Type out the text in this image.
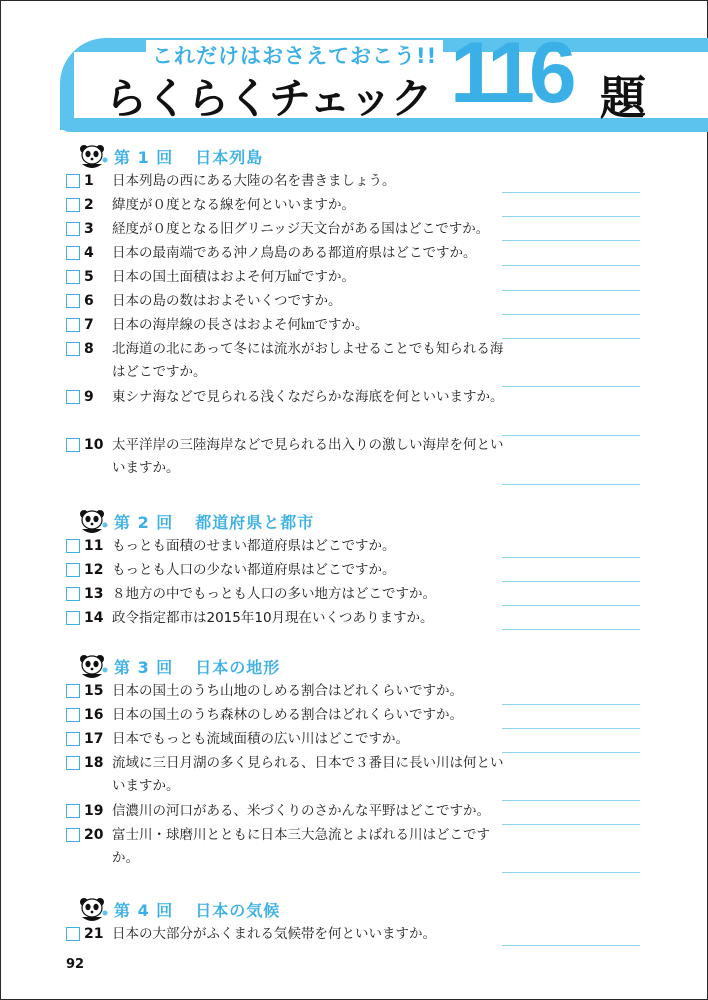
これだけはおさえておこう!!
らくらくチェック 116 題
第 1 回 日本列島
1	日本列島の西にある大陸の名を書きましょう。
2	緯度が０度となる線を何といいますか。
3	経度が０度となる旧グリニッジ天文台がある国はどこですか。
4	日本の最南端である沖ノ鳥島のある都道府県はどこですか。
5	日本の国土面積はおよそ何万㎢ですか。
6	日本の島の数はおよそいくつですか。
7	日本の海岸線の長さはおよそ何㎞ですか。
8	北海道の北にあって冬には流氷がおしよせることでも知られる海はどこですか。
9	東シナ海などで見られる浅くなだらかな海底を何といいますか。
10 太平洋岸の三陸海岸などで見られる出入りの激しい海岸を何といいますか。
第 2 回 都道府県と都市
11 もっとも面積のせまい都道府県はどこですか。
12 もっとも人口の少ない都道府県はどこですか。
13 ８地方の中でもっとも人口の多い地方はどこですか。
14 政令指定都市は2015年10月現在いくつありますか。
第 3 回 日本の地形
15 日本の国土のうち山地のしめる割合はどれくらいですか。
16 日本の国土のうち森林のしめる割合はどれくらいですか。
17 日本でもっとも流域面積の広い川はどこですか。
18 流域に三日月湖の多く見られる、日本で３番目に長い川は何といいますか。
19 信濃川の河口がある、米づくりのさかんな平野はどこですか。
20 富士川・球磨川とともに日本三大急流とよばれる川はどこですか。
第 4 回 日本の気候
21 日本の大部分がふくまれる気候帯を何といいますか。
92
